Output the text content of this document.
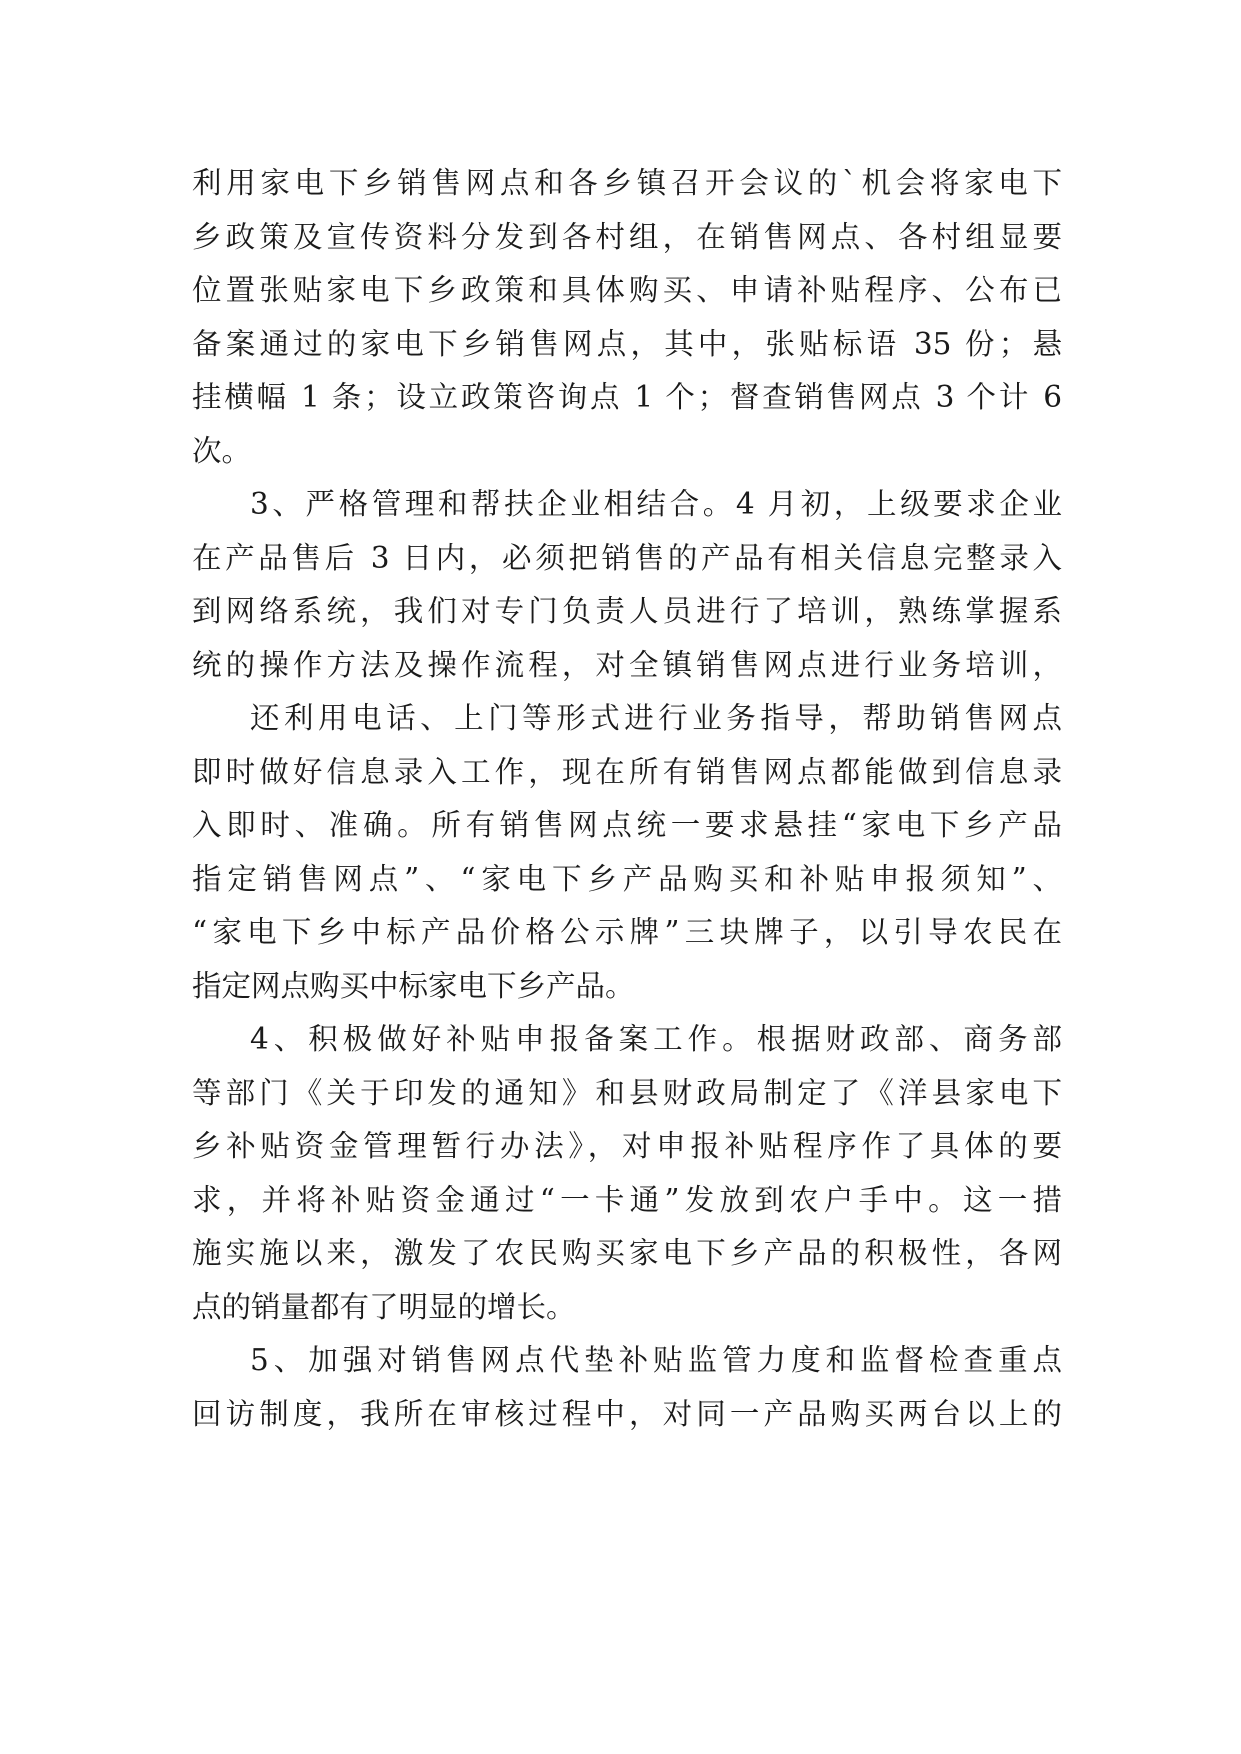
利用家电下乡销售网点和各乡镇召开会议的`机会将家电下
乡政策及宣传资料分发到各村组，在销售网点、各村组显要
位置张贴家电下乡政策和具体购买、申请补贴程序、公布已
备案通过的家电下乡销售网点，其中，张贴标语 35 份；悬
挂横幅 1 条；设立政策咨询点 1 个；督查销售网点 3 个计 6
次。
3、严格管理和帮扶企业相结合。4 月初，上级要求企业
在产品售后 3 日内，必须把销售的产品有相关信息完整录入
到网络系统，我们对专门负责人员进行了培训，熟练掌握系
统的操作方法及操作流程，对全镇销售网点进行业务培训，
还利用电话、上门等形式进行业务指导，帮助销售网点
即时做好信息录入工作，现在所有销售网点都能做到信息录
入即时、准确。所有销售网点统一要求悬挂“家电下乡产品
指定销售网点”、“家电下乡产品购买和补贴申报须知”、
“家电下乡中标产品价格公示牌”三块牌子，以引导农民在
指定网点购买中标家电下乡产品。
4、积极做好补贴申报备案工作。根据财政部、商务部
等部门《关于印发的通知》和县财政局制定了《洋县家电下
乡补贴资金管理暂行办法》，对申报补贴程序作了具体的要
求，并将补贴资金通过“一卡通”发放到农户手中。这一措
施实施以来，激发了农民购买家电下乡产品的积极性，各网
点的销量都有了明显的增长。
5、加强对销售网点代垫补贴监管力度和监督检查重点
回访制度，我所在审核过程中，对同一产品购买两台以上的
